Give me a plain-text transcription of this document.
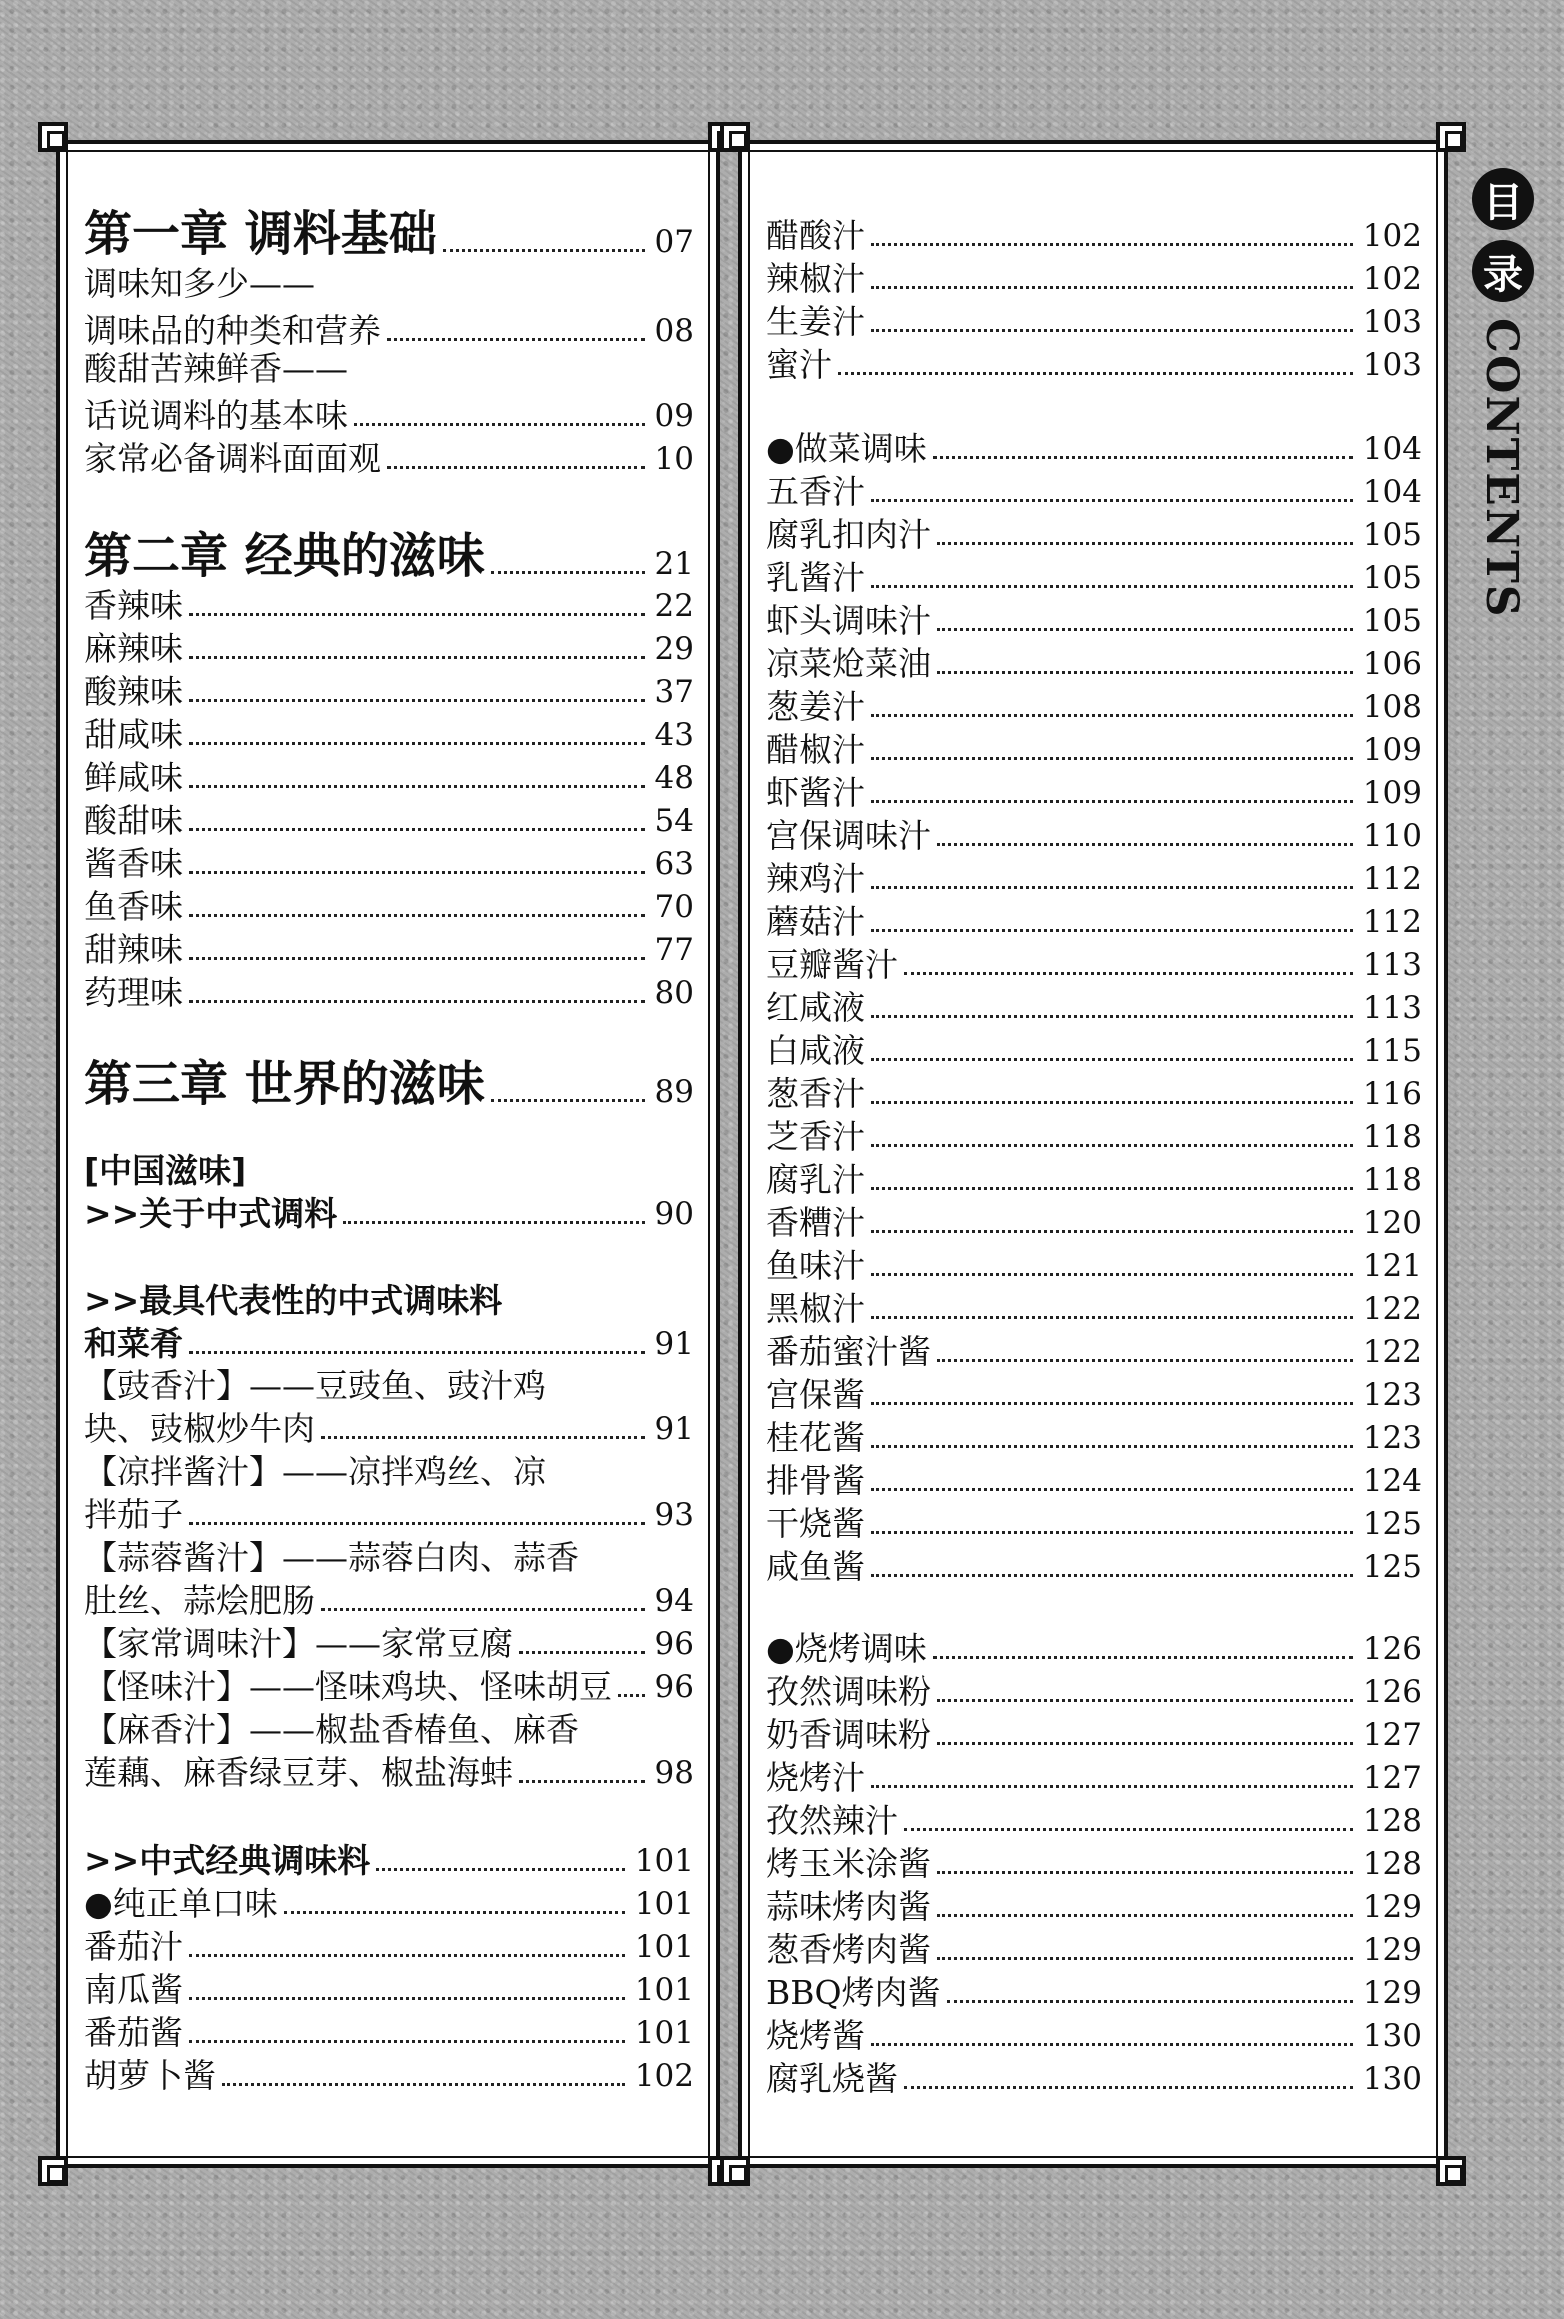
第一章 调料基础	07
调味知多少——
调味品的种类和营养	08
酸甜苦辣鲜香——
话说调料的基本味	09
家常必备调料面面观	10
第二章 经典的滋味	21
香辣味	22
麻辣味	29
酸辣味	37
甜咸味	43
鲜咸味	48
酸甜味	54
酱香味	63
鱼香味	70
甜辣味	77
药理味	80
第三章 世界的滋味	89
[中国滋味]
>>关于中式调料	90
>>最具代表性的中式调味料
和菜肴	91
【豉香汁】——豆豉鱼、豉汁鸡
块、豉椒炒牛肉	91
【凉拌酱汁】——凉拌鸡丝、凉
拌茄子	93
【蒜蓉酱汁】——蒜蓉白肉、蒜香
肚丝、蒜烩肥肠	94
【家常调味汁】——家常豆腐	96
【怪味汁】——怪味鸡块、怪味胡豆 96
【麻香汁】——椒盐香椿鱼、麻香
莲藕、麻香绿豆芽、椒盐海蚌	98
>>中式经典调味料	101
●纯正单口味	101
番茄汁	101
南瓜酱	101
番茄酱	101
胡萝卜酱	102
醋酸汁	102
辣椒汁	102
生姜汁	103
蜜汁	103
●做菜调味	104
五香汁	104
腐乳扣肉汁	105
乳酱汁	105
虾头调味汁	105
凉菜炝菜油	106
葱姜汁	108
醋椒汁	109
虾酱汁	109
宫保调味汁	110
辣鸡汁	112
蘑菇汁	112
豆瓣酱汁	113
红咸液	113
白咸液	115
葱香汁	116
芝香汁	118
腐乳汁	118
香糟汁	120
鱼味汁	121
黑椒汁	122
番茄蜜汁酱	122
宫保酱	123
桂花酱	123
排骨酱	124
干烧酱	125
咸鱼酱	125
●烧烤调味	126
孜然调味粉	126
奶香调味粉	127
烧烤汁	127
孜然辣汁	128
烤玉米涂酱	128
蒜味烤肉酱	129
葱香烤肉酱	129
BBQ烤肉酱	129
烧烤酱	130
腐乳烧酱	130
目
录
CONTENTS
